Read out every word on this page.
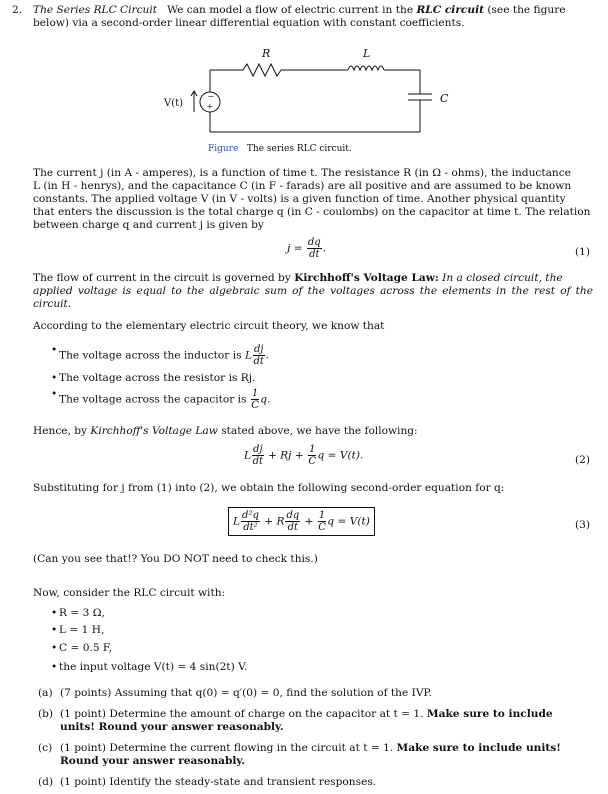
2. The Series RLC Circuit We can model a flow of electric current in the RLC circuit (see the figure
below) via a second-order linear differential equation with constant coefficients.
−
+
R	L
C
V(t)
Figure The series RLC circuit.
The current j (in A - amperes), is a function of time t. The resistance R (in Ω - ohms), the inductance
L (in H - henrys), and the capacitance C (in F - farads) are all positive and are assumed to be known
constants. The applied voltage V (in V - volts) is a given function of time. Another physical quantity
that enters the discussion is the total charge q (in C - coulombs) on the capacitor at time t. The relation
between charge q and current j is given by
$j = \frac{dq}{dt}$ .	(1)
The flow of current in the circuit is governed by Kirchhoff's Voltage Law: In a closed circuit, the
applied voltage is equal to the algebraic sum of the voltages across the elements in the rest of the circuit.
According to the elementary electric circuit theory, we know that
• The voltage across the inductor is L $\frac{dj}{dt}$ .
• The voltage across the resistor is Rj.
• The voltage across the capacitor is $\frac{1}{C} q$.
Hence, by Kirchhoff's Voltage Law stated above, we have the following:
L $\frac{dj}{dt} + Rj + \frac{1}{C}$ q = V(t).	(2)
Substituting for j from (1) into (2), we obtain the following second-order equation for q:
L $\frac{\text{d²q}}{\text{dt²}} + R \frac{dq}{dt} + \frac{1}{C}$ q = V(t)	(3)
(Can you see that!? You DO NOT need to check this.)
Now, consider the RLC circuit with:
• R = 3 Ω,
• L = 1 H,
• C = 0.5 F,
• the input voltage V(t) = 4 sin(2t) V.
(a) (7 points) Assuming that q(0) = q′(0) = 0, find the solution of the IVP.
(b) (1 point) Determine the amount of charge on the capacitor at t = 1. Make sure to include
units! Round your answer reasonably.
(c) (1 point) Determine the current flowing in the circuit at t = 1. Make sure to include units!
Round your answer reasonably.
(d) (1 point) Identify the steady-state and transient responses.
